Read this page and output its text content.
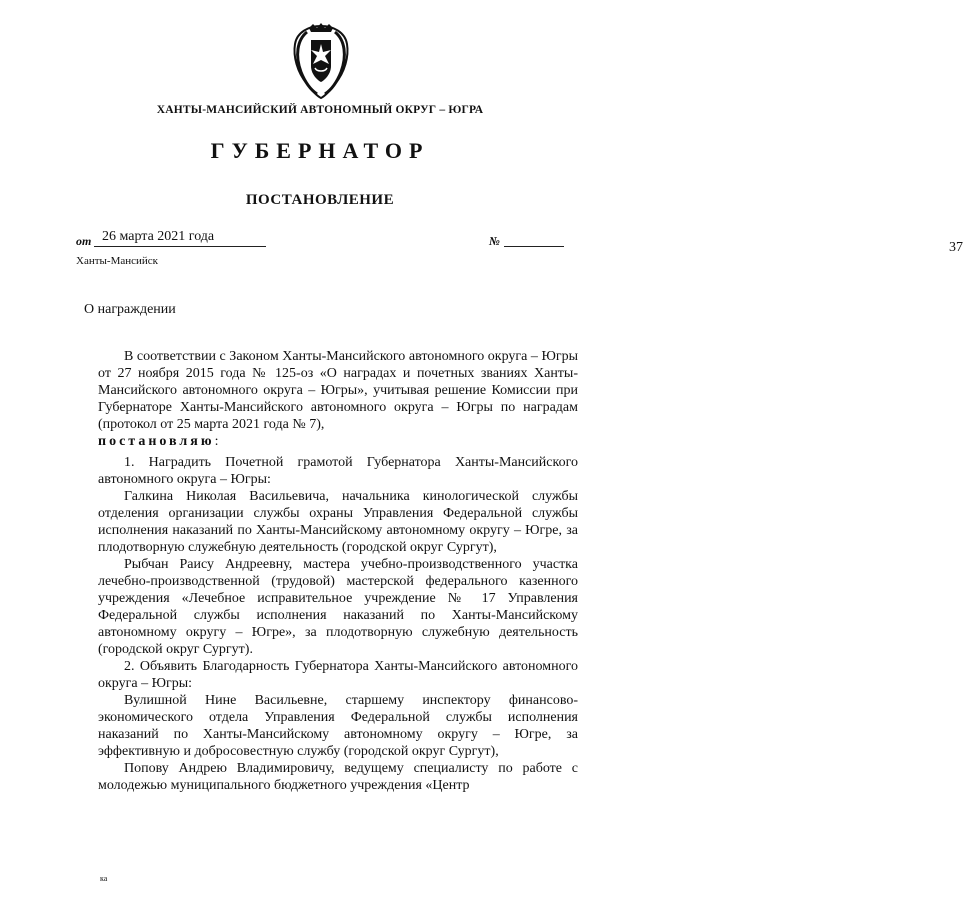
ХАНТЫ-МАНСИЙСКИЙ АВТОНОМНЫЙ ОКРУГ – ЮГРА
ГУБЕРНАТОР
ПОСТАНОВЛЕНИЕ
от 26 марта 2021 года	№	37
Ханты-Мансийск
О награждении

В соответствии с Законом Ханты-Мансийского автономного округа – Югры от 27 ноября 2015 года № 125-оз «О наградах и почетных званиях Ханты-Мансийского автономного округа – Югры», учитывая решение Комиссии при Губернаторе Ханты-Мансийского автономного округа – Югры по наградам (протокол от 25 марта 2021 года № 7),
постановляю:

1. Наградить Почетной грамотой Губернатора Ханты-Мансийского автономного округа – Югры:

Галкина Николая Васильевича, начальника кинологической службы отделения организации службы охраны Управления Федеральной службы исполнения наказаний по Ханты-Мансийскому автономному округу – Югре, за плодотворную служебную деятельность (городской округ Сургут),

Рыбчан Раису Андреевну, мастера учебно-производственного участка лечебно-производственной (трудовой) мастерской федерального казенного учреждения «Лечебное исправительное учреждение № 17 Управления Федеральной службы исполнения наказаний по Ханты-Мансийскому автономному округу – Югре», за плодотворную служебную деятельность (городской округ Сургут).

2. Объявить Благодарность Губернатора Ханты-Мансийского автономного округа – Югры:

Вулишной Нине Васильевне, старшему инспектору финансово-экономического отдела Управления Федеральной службы исполнения наказаний по Ханты-Мансийскому автономному округу – Югре, за эффективную и добросовестную службу (городской округ Сургут),

Попову Андрею Владимировичу, ведущему специалисту по работе с молодежью муниципального бюджетного учреждения «Центр

ка
